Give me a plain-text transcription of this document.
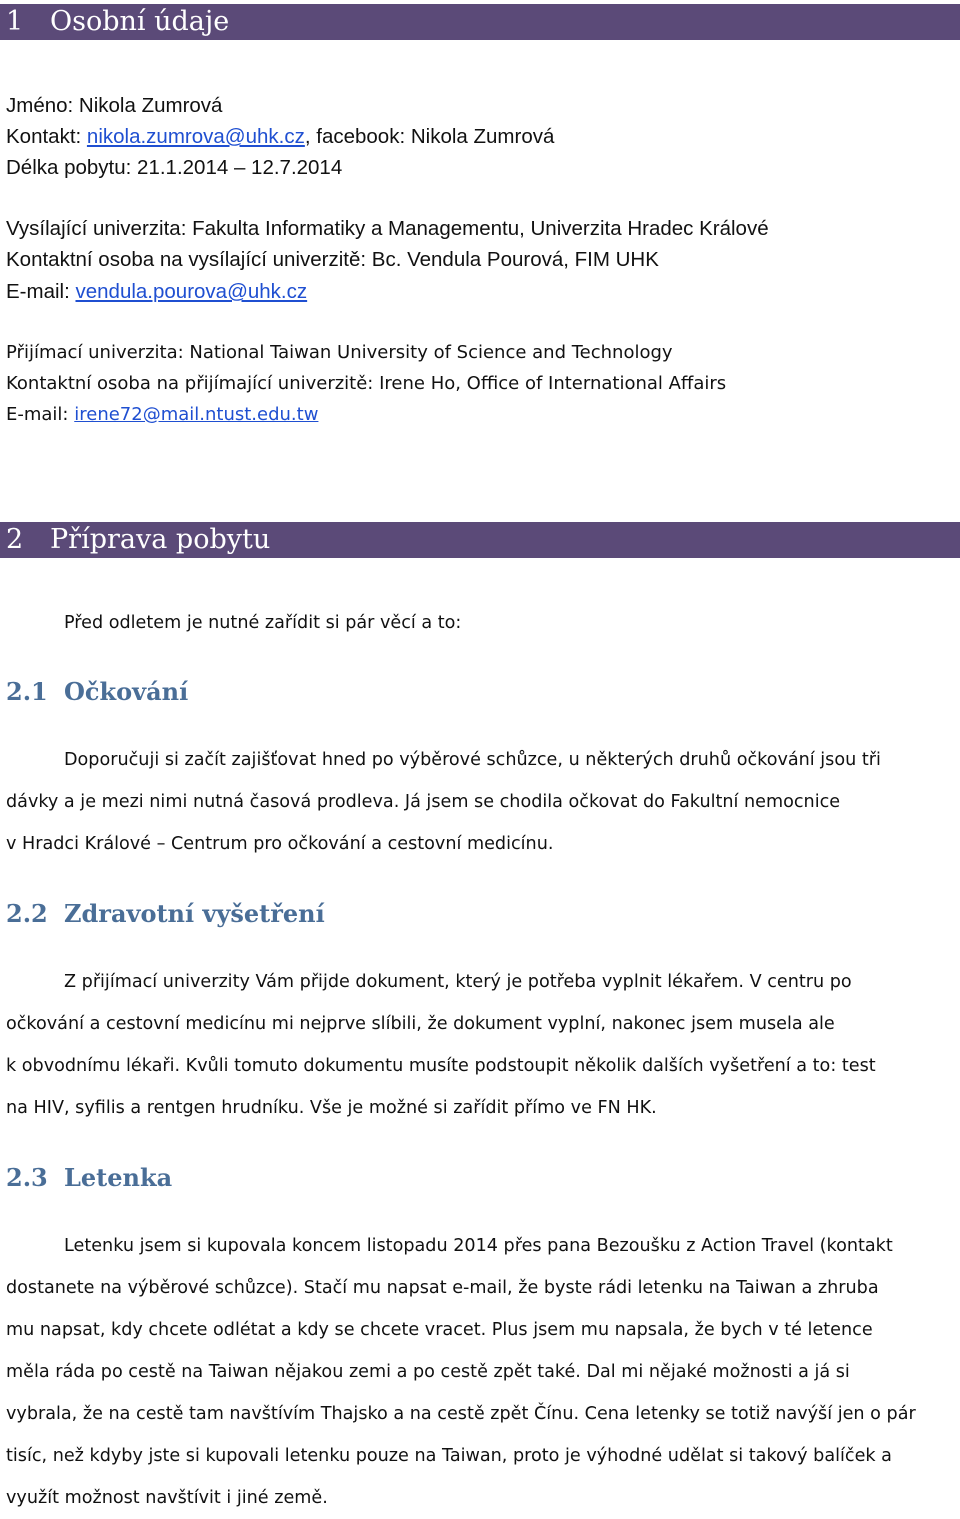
1 Osobní údaje
Jméno: Nikola Zumrová
Kontakt: nikola.zumrova@uhk.cz, facebook: Nikola Zumrová
Délka pobytu: 21.1.2014 – 12.7.2014
Vysílající univerzita: Fakulta Informatiky a Managementu, Univerzita Hradec Králové
Kontaktní osoba na vysílající univerzitě: Bc. Vendula Pourová, FIM UHK
E-mail: vendula.pourova@uhk.cz
Přijímací univerzita: National Taiwan University of Science and Technology
Kontaktní osoba na přijímající univerzitě: Irene Ho, Office of International Affairs
E-mail: irene72@mail.ntust.edu.tw
2 Příprava pobytu
Před odletem je nutné zařídit si pár věcí a to:
2.1 Očkování
Doporučuji si začít zajišťovat hned po výběrové schůzce, u některých druhů očkování jsou tři
dávky a je mezi nimi nutná časová prodleva. Já jsem se chodila očkovat do Fakultní nemocnice
v Hradci Králové – Centrum pro očkování a cestovní medicínu.
2.2 Zdravotní vyšetření
Z přijímací univerzity Vám přijde dokument, který je potřeba vyplnit lékařem. V centru po
očkování a cestovní medicínu mi nejprve slíbili, že dokument vyplní, nakonec jsem musela ale
k obvodnímu lékaři. Kvůli tomuto dokumentu musíte podstoupit několik dalších vyšetření a to: test
na HIV, syfilis a rentgen hrudníku. Vše je možné si zařídit přímo ve FN HK.
2.3 Letenka
Letenku jsem si kupovala koncem listopadu 2014 přes pana Bezoušku z Action Travel (kontakt
dostanete na výběrové schůzce). Stačí mu napsat e-mail, že byste rádi letenku na Taiwan a zhruba
mu napsat, kdy chcete odlétat a kdy se chcete vracet. Plus jsem mu napsala, že bych v té letence
měla ráda po cestě na Taiwan nějakou zemi a po cestě zpět také. Dal mi nějaké možnosti a já si
vybrala, že na cestě tam navštívím Thajsko a na cestě zpět Čínu. Cena letenky se totiž navýší jen o pár
tisíc, než kdyby jste si kupovali letenku pouze na Taiwan, proto je výhodné udělat si takový balíček a
využít možnost navštívit i jiné země.
